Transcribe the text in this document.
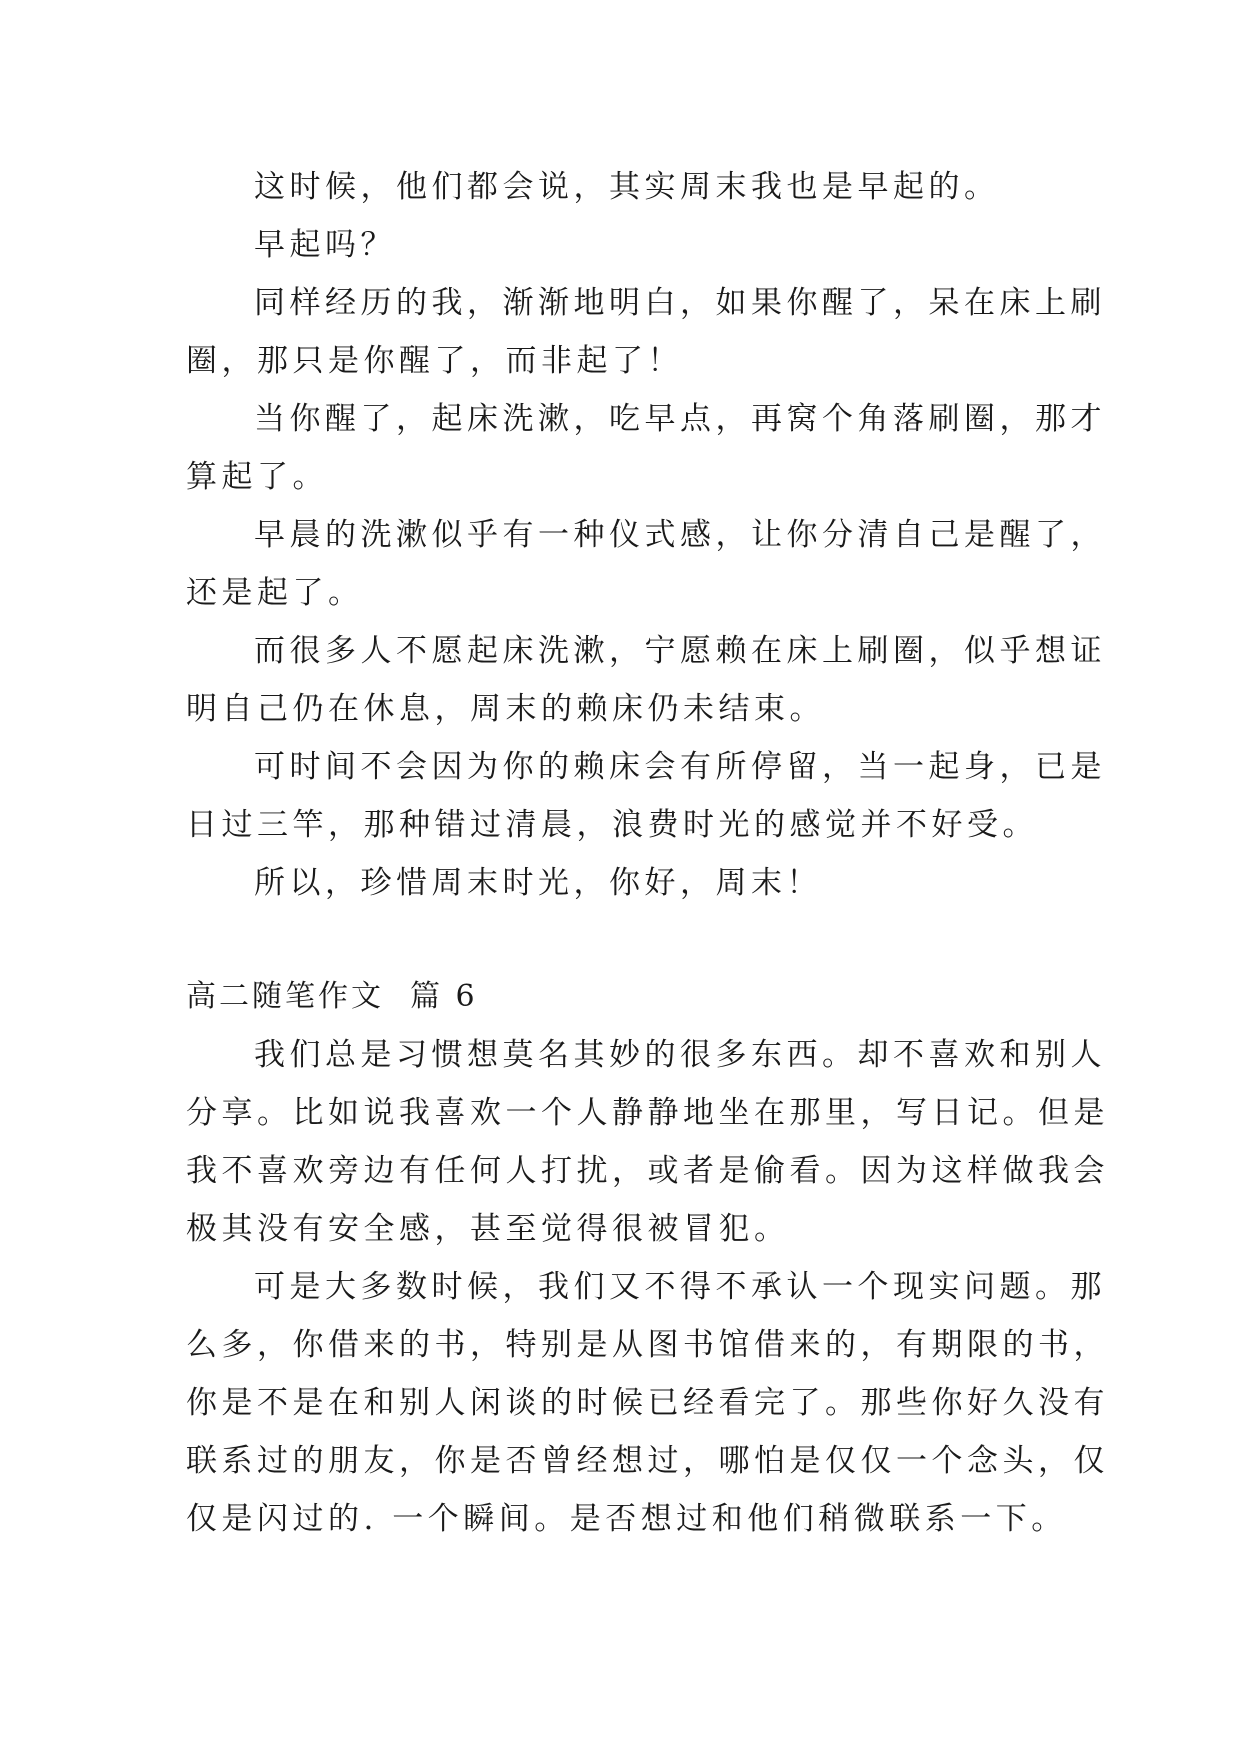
这时候，他们都会说，其实周末我也是早起的。
早起吗？
同样经历的我，渐渐地明白，如果你醒了，呆在床上刷
圈，那只是你醒了，而非起了！
当你醒了，起床洗漱，吃早点，再窝个角落刷圈，那才
算起了。
早晨的洗漱似乎有一种仪式感，让你分清自己是醒了，
还是起了。
而很多人不愿起床洗漱，宁愿赖在床上刷圈，似乎想证
明自己仍在休息，周末的赖床仍未结束。
可时间不会因为你的赖床会有所停留，当一起身，已是
日过三竿，那种错过清晨，浪费时光的感觉并不好受。
所以，珍惜周末时光，你好，周末！
高二随笔作文 篇 6
我们总是习惯想莫名其妙的很多东西。却不喜欢和别人
分享。比如说我喜欢一个人静静地坐在那里，写日记。但是
我不喜欢旁边有任何人打扰，或者是偷看。因为这样做我会
极其没有安全感，甚至觉得很被冒犯。
可是大多数时候，我们又不得不承认一个现实问题。那
么多，你借来的书，特别是从图书馆借来的，有期限的书，
你是不是在和别人闲谈的时候已经看完了。那些你好久没有
联系过的朋友，你是否曾经想过，哪怕是仅仅一个念头，仅
仅是闪过的. 一个瞬间。是否想过和他们稍微联系一下。
